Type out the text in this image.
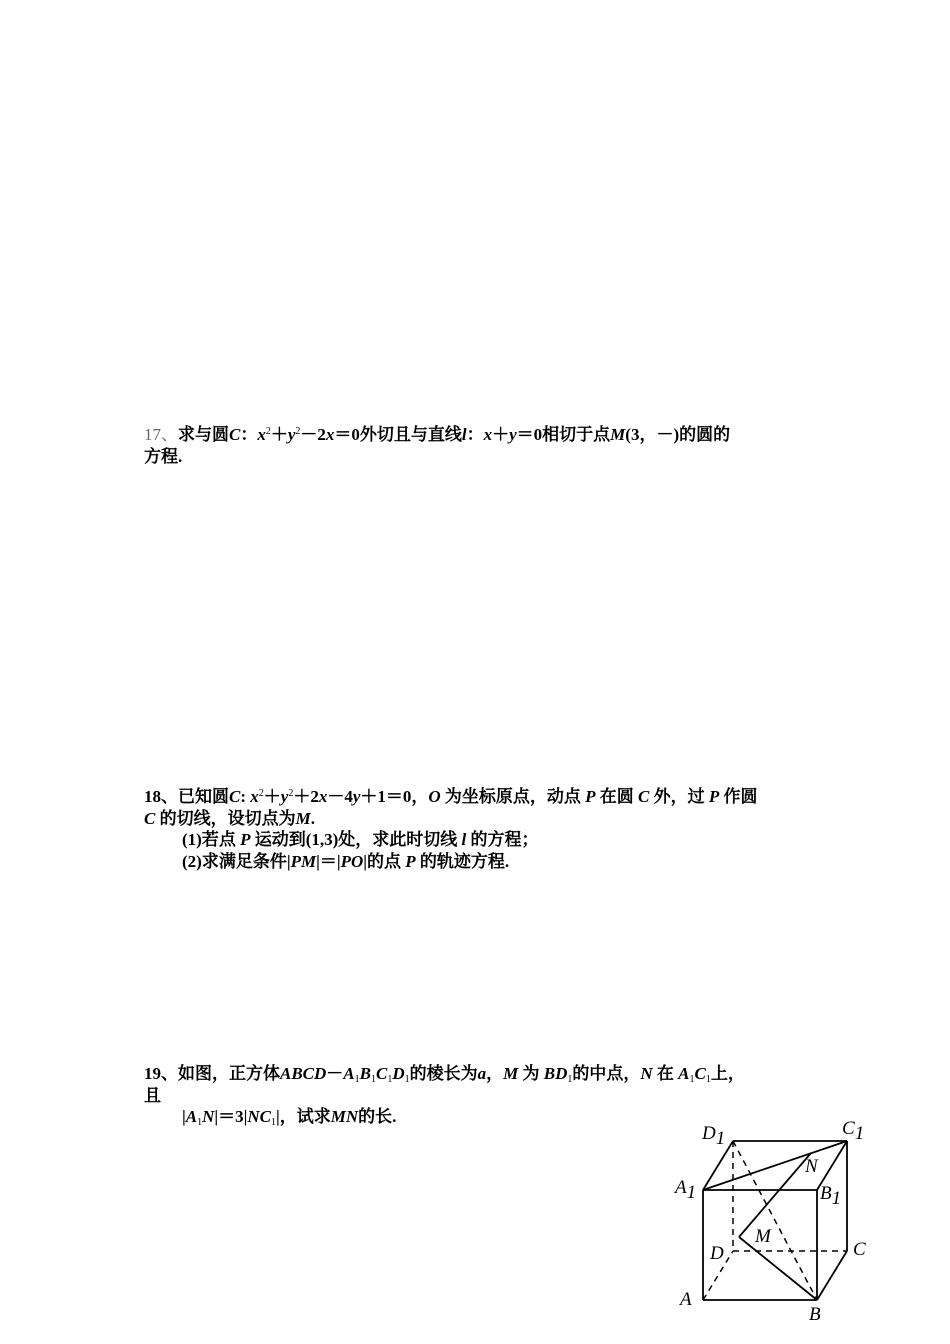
17、求与圆C：$x^2+y^2-2x=0$外切且与直线l：x＋y＝0相切于点M(3，－)的圆的

方程.

18、已知圆C: $x^2+y^2+2x-4y+1=0$，O 为坐标原点，动点 P 在圆 C 外，过 P 作圆

C 的切线，设切点为M.

(1)若点 P 运动到(1,3)处，求此时切线 l 的方程；

(2)求满足条件|PM|＝|PO|的点 P 的轨迹方程.

19、如图，正方体$ABCD-A_1B_1C_1D_1$的棱长为a，M 为 $BD_1$的中点，N 在 $A_1C_1$上，

且

$|A_1N|=3|NC_1|$，试求MN的长.

D1	C1
A1	B1
N
M
D	C
A
B
